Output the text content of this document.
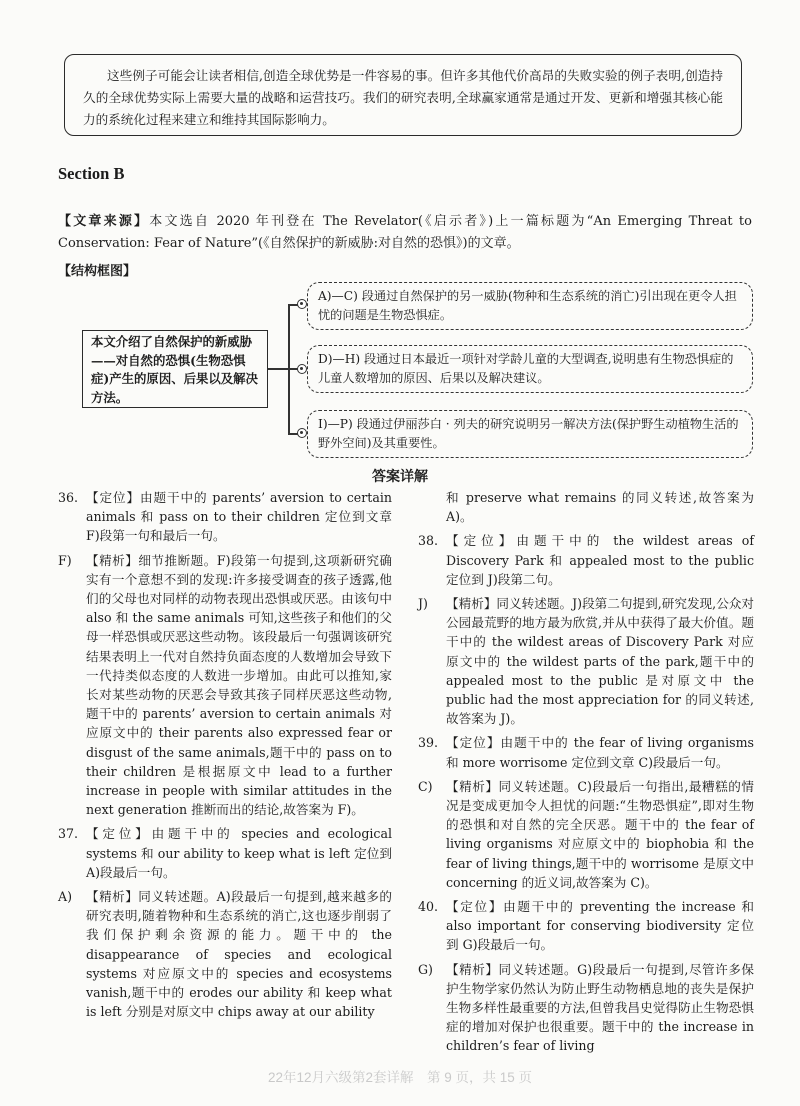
这些例子可能会让读者相信,创造全球优势是一件容易的事。但许多其他代价高昂的失败实验的例子表明,创造持久的全球优势实际上需要大量的战略和运营技巧。我们的研究表明,全球赢家通常是通过开发、更新和增强其核心能力的系统化过程来建立和维持其国际影响力。

Section B

【文章来源】本文选自 2020 年刊登在 The Revelator(《启示者》)上一篇标题为“An Emerging Threat to Conservation: Fear of Nature”(《自然保护的新威胁:对自然的恐惧》)的文章。

【结构框图】
本文介绍了自然保护的新威胁——对自然的恐惧(生物恐惧症)产生的原因、后果以及解决方法。
A)—C) 段通过自然保护的另一威胁(物种和生态系统的消亡)引出现在更令人担忧的问题是生物恐惧症。
D)—H) 段通过日本最近一项针对学龄儿童的大型调查,说明患有生物恐惧症的儿童人数增加的原因、后果以及解决建议。
I)—P) 段通过伊丽莎白 · 列夫的研究说明另一解决方法(保护野生动植物生活的野外空间)及其重要性。
答案详解

36. 【定位】由题干中的 parents’ aversion to certain animals 和 pass on to their children 定位到文章 F)段第一句和最后一句。

F) 【精析】细节推断题。F)段第一句提到,这项新研究确实有一个意想不到的发现:许多接受调查的孩子透露,他们的父母也对同样的动物表现出恐惧或厌恶。由该句中 also 和 the same animals 可知,这些孩子和他们的父母一样恐惧或厌恶这些动物。该段最后一句强调该研究结果表明上一代对自然持负面态度的人数增加会导致下一代持类似态度的人数进一步增加。由此可以推知,家长对某些动物的厌恶会导致其孩子同样厌恶这些动物,题干中的 parents’ aversion to certain animals 对应原文中的 their parents also expressed fear or disgust of the same animals,题干中的 pass on to their children 是根据原文中 lead to a further increase in people with similar attitudes in the next generation 推断而出的结论,故答案为 F)。

37. 【定位】由题干中的 species and ecological systems 和 our ability to keep what is left 定位到 A)段最后一句。

A) 【精析】同义转述题。A)段最后一句提到,越来越多的研究表明,随着物种和生态系统的消亡,这也逐步削弱了我们保护剩余资源的能力。题干中的 the disappearance of species and ecological systems 对应原文中的 species and ecosystems vanish,题干中的 erodes our ability 和 keep what is left 分别是对原文中 chips away at our ability

和 preserve what remains 的同义转述,故答案为 A)。

38. 【定位】由题干中的 the wildest areas of Discovery Park 和 appealed most to the public 定位到 J)段第二句。

J) 【精析】同义转述题。J)段第二句提到,研究发现,公众对公园最荒野的地方最为欣赏,并从中获得了最大价值。题干中的 the wildest areas of Discovery Park 对应原文中的 the wildest parts of the park,题干中的 appealed most to the public 是对原文中 the public had the most appreciation for 的同义转述,故答案为 J)。

39. 【定位】由题干中的 the fear of living organisms 和 more worrisome 定位到文章 C)段最后一句。

C) 【精析】同义转述题。C)段最后一句指出,最糟糕的情况是变成更加令人担忧的问题:“生物恐惧症”,即对生物的恐惧和对自然的完全厌恶。题干中的 the fear of living organisms 对应原文中的 biophobia 和 the fear of living things,题干中的 worrisome 是原文中 concerning 的近义词,故答案为 C)。

40. 【定位】由题干中的 preventing the increase 和 also important for conserving biodiversity 定位到 G)段最后一句。

G) 【精析】同义转述题。G)段最后一句提到,尽管许多保护生物学家仍然认为防止野生动物栖息地的丧失是保护生物多样性最重要的方法,但曾我昌史觉得防止生物恐惧症的增加对保护也很重要。题干中的 the increase in children’s fear of living

22年12月六级第2套详解　第 9 页，共 15 页
